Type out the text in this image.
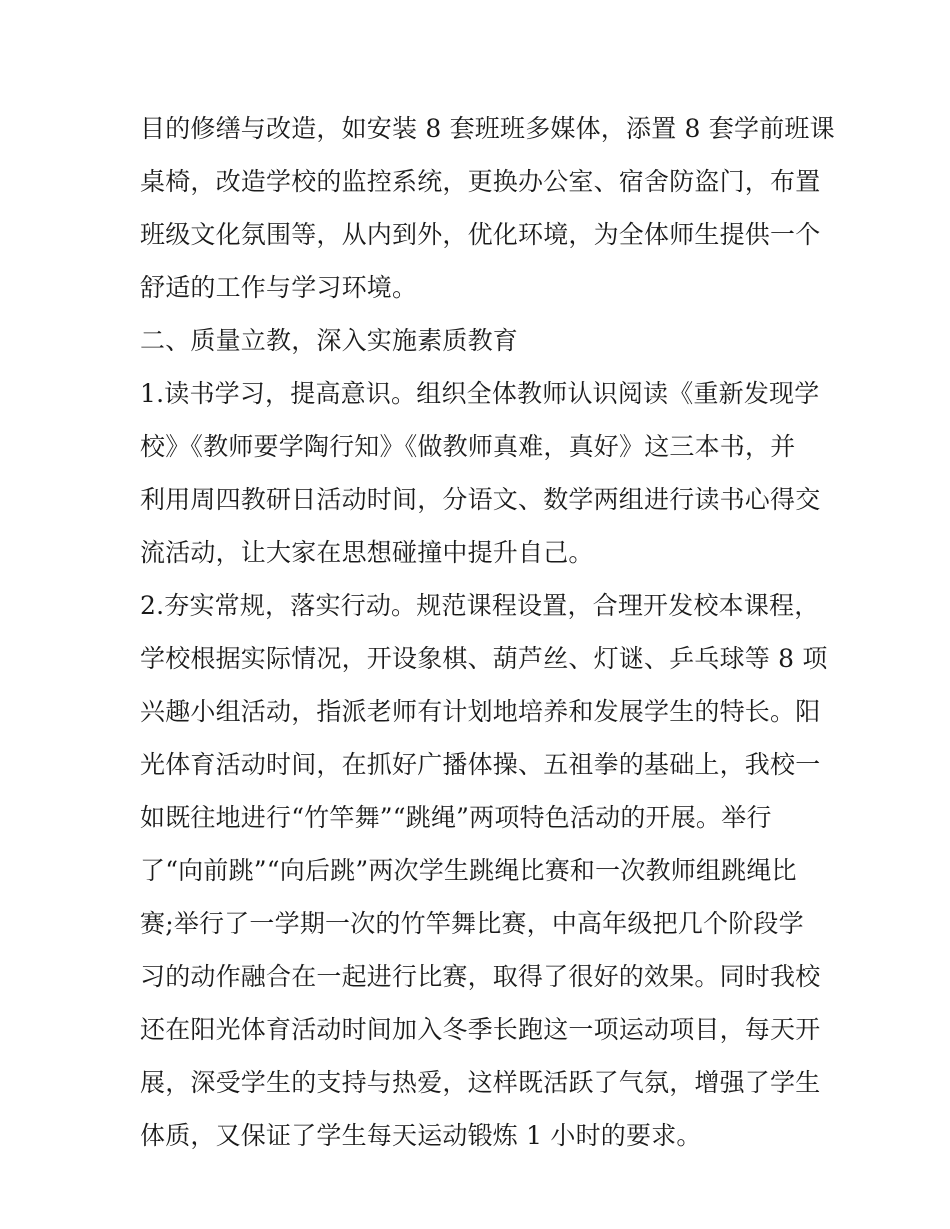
目的修缮与改造，如安装 8 套班班多媒体，添置 8 套学前班课
桌椅，改造学校的监控系统，更换办公室、宿舍防盗门，布置
班级文化氛围等，从内到外，优化环境，为全体师生提供一个
舒适的工作与学习环境。
二、质量立教，深入实施素质教育
1.读书学习，提高意识。组织全体教师认识阅读《重新发现学
校》《教师要学陶行知》《做教师真难，真好》这三本书，并
利用周四教研日活动时间，分语文、数学两组进行读书心得交
流活动，让大家在思想碰撞中提升自己。
2.夯实常规，落实行动。规范课程设置，合理开发校本课程，
学校根据实际情况，开设象棋、葫芦丝、灯谜、乒乓球等 8 项
兴趣小组活动，指派老师有计划地培养和发展学生的特长。阳
光体育活动时间，在抓好广播体操、五祖拳的基础上，我校一
如既往地进行“竹竿舞”“跳绳”两项特色活动的开展。举行
了“向前跳”“向后跳”两次学生跳绳比赛和一次教师组跳绳比
赛;举行了一学期一次的竹竿舞比赛，中高年级把几个阶段学
习的动作融合在一起进行比赛，取得了很好的效果。同时我校
还在阳光体育活动时间加入冬季长跑这一项运动项目，每天开
展，深受学生的支持与热爱，这样既活跃了气氛，增强了学生
体质，又保证了学生每天运动锻炼 1 小时的要求。
